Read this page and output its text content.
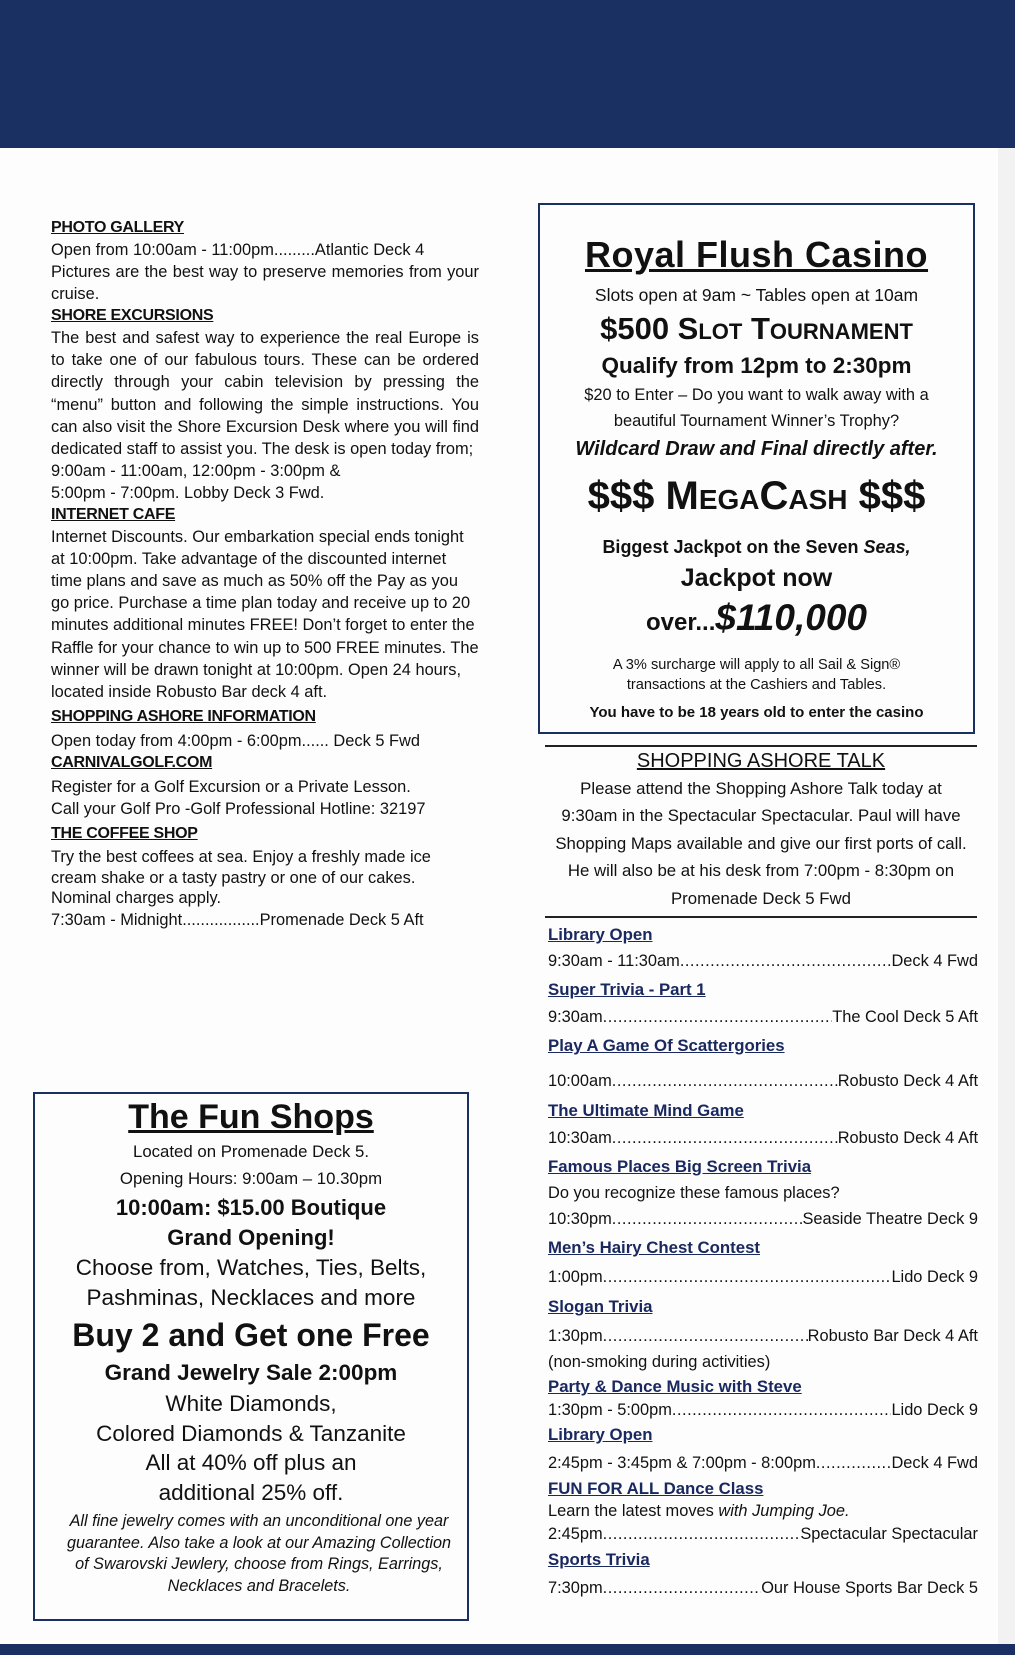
PHOTO GALLERY
Open from 10:00am - 11:00pm.........Atlantic Deck 4
Pictures are the best way to preserve memories from your cruise.
SHORE EXCURSIONS
The best and safest way to experience the real Europe is to take one of our fabulous tours. These can be ordered directly through your cabin television by pressing the “menu” button and following the simple instructions. You can also visit the Shore Excursion Desk where you will find dedicated staff to assist you. The desk is open today from;
9:00am - 11:00am, 12:00pm - 3:00pm &
5:00pm - 7:00pm. Lobby Deck 3 Fwd.
INTERNET CAFE
Internet Discounts. Our embarkation special ends tonight at 10:00pm. Take advantage of the discounted internet time plans and save as much as 50% off the Pay as you go price. Purchase a time plan today and receive up to 20 minutes additional minutes FREE! Don’t forget to enter the Raffle for your chance to win up to 500 FREE minutes. The winner will be drawn tonight at 10:00pm. Open 24 hours, located inside Robusto Bar deck 4 aft.
SHOPPING ASHORE INFORMATION
Open today from 4:00pm - 6:00pm...... Deck 5 Fwd
CARNIVALGOLF.COM
Register for a Golf Excursion or a Private Lesson.
Call your Golf Pro -Golf Professional Hotline: 32197
THE COFFEE SHOP
Try the best coffees at sea. Enjoy a freshly made ice cream shake or a tasty pastry or one of our cakes. Nominal charges apply.
7:30am - Midnight.................Promenade Deck 5 Aft
Royal Flush Casino
Slots open at 9am ~ Tables open at 10am
$500 Slot Tournament
Qualify from 12pm to 2:30pm
$20 to Enter – Do you want to walk away with a beautiful Tournament Winner’s Trophy?
Wildcard Draw and Final directly after.
$$$ MegaCash $$$
Biggest Jackpot on the Seven Seas,
Jackpot now
over...$110,000
A 3% surcharge will apply to all Sail & Sign® transactions at the Cashiers and Tables.
You have to be 18 years old to enter the casino
SHOPPING ASHORE TALK
Please attend the Shopping Ashore Talk today at 9:30am in the Spectacular Spectacular. Paul will have Shopping Maps available and give our first ports of call. He will also be at his desk from 7:00pm - 8:30pm on Promenade Deck 5 Fwd
Library Open
9:30am - 11:30am .....	Deck 4 Fwd
Super Trivia - Part 1
9:30am .....	The Cool Deck 5 Aft
Play A Game Of Scattergories
10:00am .....	Robusto Deck 4 Aft
The Ultimate Mind Game
10:30am .....	Robusto Deck 4 Aft
Famous Places Big Screen Trivia
Do you recognize these famous places?
10:30pm .....	Seaside Theatre Deck 9
Men’s Hairy Chest Contest
1:00pm .....	Lido Deck 9
Slogan Trivia
1:30pm .....	Robusto Bar Deck 4 Aft
(non-smoking during activities)
Party & Dance Music with Steve
1:30pm - 5:00pm .....	Lido Deck 9
Library Open
2:45pm - 3:45pm & 7:00pm - 8:00pm .....	Deck 4 Fwd
FUN FOR ALL Dance Class
Learn the latest moves with Jumping Joe.
2:45pm .....	Spectacular Spectacular
Sports Trivia
7:30pm .....	Our House Sports Bar Deck 5
The Fun Shops
Located on Promenade Deck 5.
Opening Hours: 9:00am – 10.30pm
10:00am: $15.00 Boutique
Grand Opening!
Choose from, Watches, Ties, Belts,
Pashminas, Necklaces and more
Buy 2 and Get one Free
Grand Jewelry Sale 2:00pm
White Diamonds,
Colored Diamonds & Tanzanite
All at 40% off plus an
additional 25% off.
All fine jewelry comes with an unconditional one year guarantee. Also take a look at our Amazing Collection of Swarovski Jewlery, choose from Rings, Earrings, Necklaces and Bracelets.
